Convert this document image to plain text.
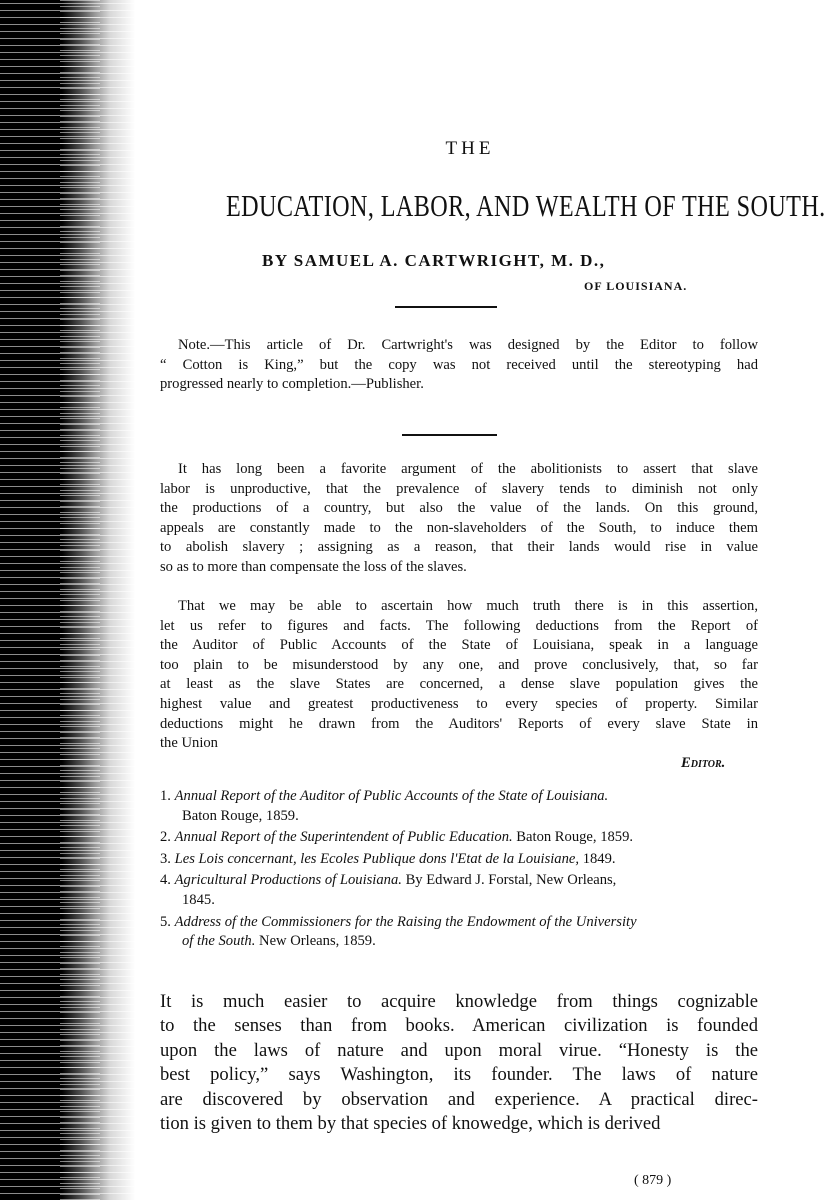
THE
EDUCATION, LABOR, AND WEALTH OF THE SOUTH.
BY SAMUEL A. CARTWRIGHT, M. D.,
OF LOUISIANA.
Note.—This article of Dr. Cartwright's was designed by the Editor to follow
“ Cotton is King,” but the copy was not received until the stereotyping had
progressed nearly to completion.—Publisher.
It has long been a favorite argument of the abolitionists to assert that slave
labor is unproductive, that the prevalence of slavery tends to diminish not only
the productions of a country, but also the value of the lands. On this ground,
appeals are constantly made to the non-slaveholders of the South, to induce them
to abolish slavery ; assigning as a reason, that their lands would rise in value
so as to more than compensate the loss of the slaves.
That we may be able to ascertain how much truth there is in this assertion,
let us refer to figures and facts. The following deductions from the Report of
the Auditor of Public Accounts of the State of Louisiana, speak in a language
too plain to be misunderstood by any one, and prove conclusively, that, so far
at least as the slave States are concerned, a dense slave population gives the
highest value and greatest productiveness to every species of property. Similar
deductions might he drawn from the Auditors' Reports of every slave State in
the Union
Editor.
1. Annual Report of the Auditor of Public Accounts of the State of Louisiana.
Baton Rouge, 1859.
2. Annual Report of the Superintendent of Public Education. Baton Rouge, 1859.
3. Les Lois concernant, les Ecoles Publique dons l'Etat de la Louisiane, 1849.
4. Agricultural Productions of Louisiana. By Edward J. Forstal, New Orleans,
1845.
5. Address of the Commissioners for the Raising the Endowment of the University
of the South. New Orleans, 1859.
It is much easier to acquire knowledge from things cognizable
to the senses than from books. American civilization is founded
upon the laws of nature and upon moral virue. “Honesty is the
best policy,” says Washington, its founder. The laws of nature
are discovered by observation and experience. A practical direc-
tion is given to them by that species of knowedge, which is derived
( 879 )
